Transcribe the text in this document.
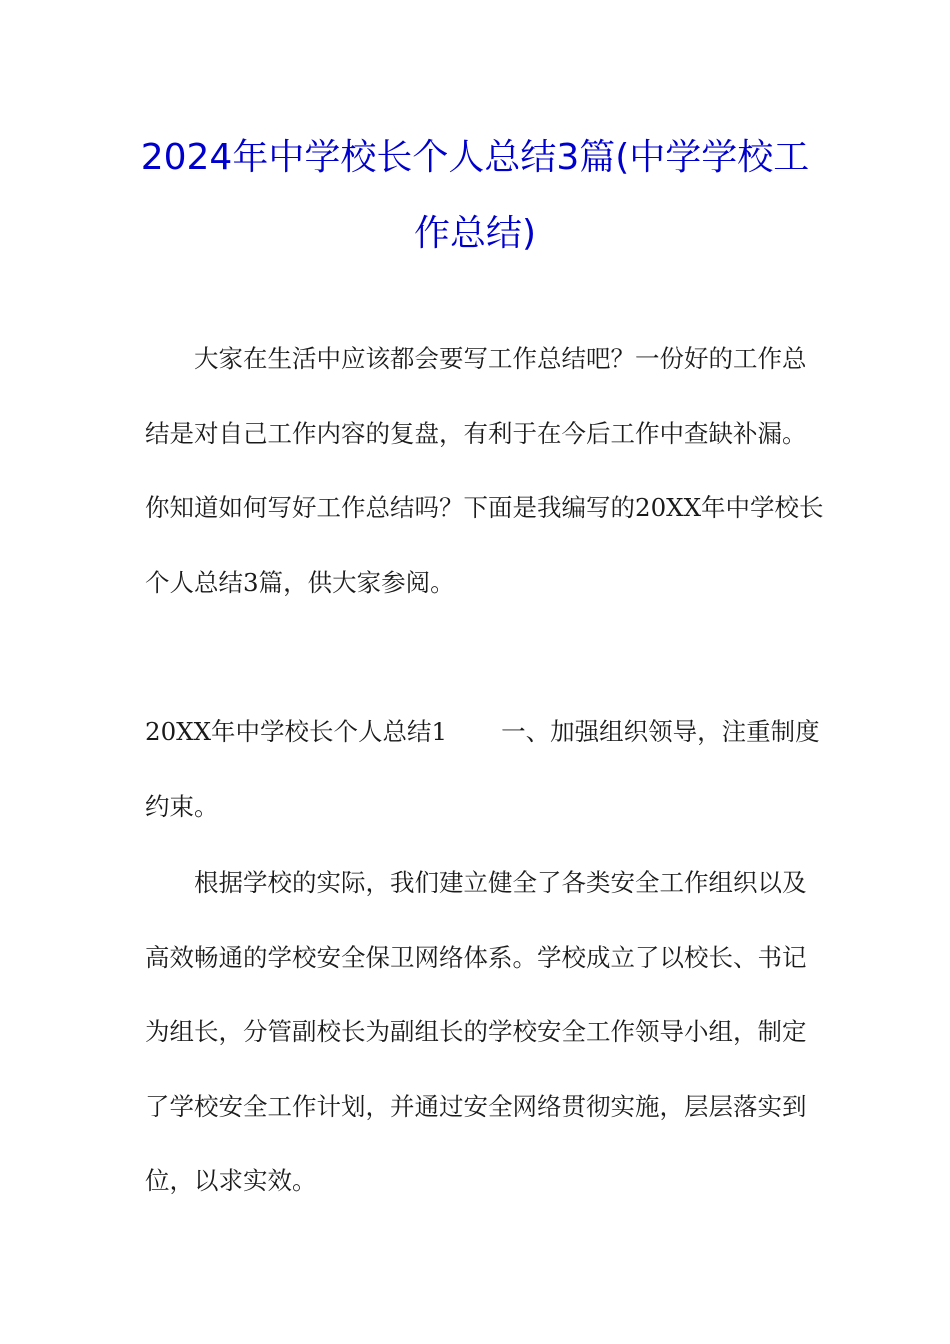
2024年中学校长个人总结3篇(中学学校工
作总结)

大家在生活中应该都会要写工作总结吧？一份好的工作总
结是对自己工作内容的复盘，有利于在今后工作中查缺补漏。
你知道如何写好工作总结吗？下面是我编写的20XX年中学校长
个人总结3篇，供大家参阅。

20XX年中学校长个人总结1 一、加强组织领导，注重制度
约束。

根据学校的实际，我们建立健全了各类安全工作组织以及
高效畅通的学校安全保卫网络体系。学校成立了以校长、书记
为组长，分管副校长为副组长的学校安全工作领导小组，制定
了学校安全工作计划，并通过安全网络贯彻实施，层层落实到
位，以求实效。
